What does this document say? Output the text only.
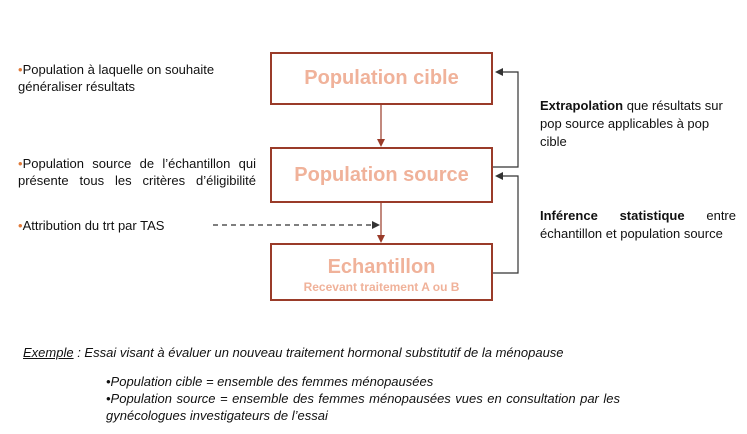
Population cible
Population source
Echantillon
Recevant traitement A ou B
•Population à laquelle on souhaite généraliser résultats
•Population source de l’échantillon qui présente tous les critères d’éligibilité
•Attribution du trt par TAS
Extrapolation que résultats sur pop source applicables à pop cible
Inférence statistique entre échantillon et population source
Exemple : Essai visant à évaluer un nouveau traitement hormonal substitutif de la ménopause
•Population cible = ensemble des femmes ménopausées
•Population source = ensemble des femmes ménopausées vues en consultation par les gynécologues investigateurs de l’essai
